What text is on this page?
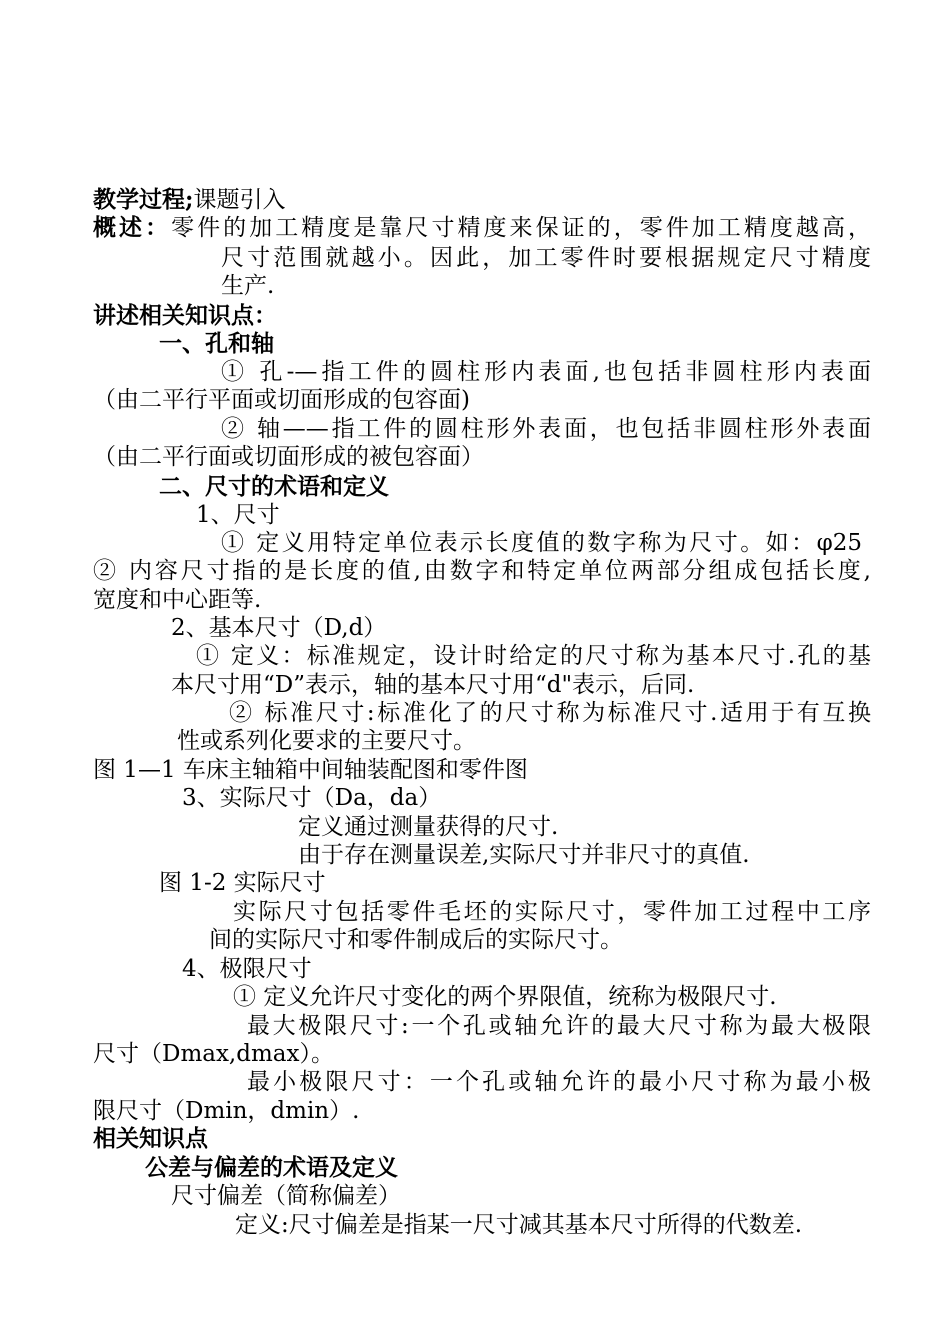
教学过程;课题引入
概述：零件的加工精度是靠尺寸精度来保证的，零件加工精度越高，
尺寸范围就越小。因此，加工零件时要根据规定尺寸精度
生产.
讲述相关知识点：
一、孔和轴
① 孔-—指工件的圆柱形内表面,也包括非圆柱形内表面
（由二平行平面或切面形成的包容面)
② 轴——指工件的圆柱形外表面，也包括非圆柱形外表面
（由二平行面或切面形成的被包容面）
二、尺寸的术语和定义
1、尺寸
① 定义用特定单位表示长度值的数字称为尺寸。如：φ25
② 内容尺寸指的是长度的值,由数字和特定单位两部分组成包括长度,
宽度和中心距等.
2、基本尺寸（D,d）
① 定义：标准规定，设计时给定的尺寸称为基本尺寸.孔的基
本尺寸用“D”表示，轴的基本尺寸用“d"表示，后同.
② 标准尺寸:标准化了的尺寸称为标准尺寸.适用于有互换
性或系列化要求的主要尺寸。
图 1—1 车床主轴箱中间轴装配图和零件图
3、实际尺寸（Da，da）
定义通过测量获得的尺寸.
由于存在测量误差,实际尺寸并非尺寸的真值.
图 1-2 实际尺寸
实际尺寸包括零件毛坯的实际尺寸，零件加工过程中工序
间的实际尺寸和零件制成后的实际尺寸。
4、极限尺寸
① 定义允许尺寸变化的两个界限值，统称为极限尺寸.
最大极限尺寸:一个孔或轴允许的最大尺寸称为最大极限
尺寸（Dmax,dmax）。
最小极限尺寸：一个孔或轴允许的最小尺寸称为最小极
限尺寸（Dmin，dmin）.
相关知识点
公差与偏差的术语及定义
尺寸偏差（简称偏差）
定义:尺寸偏差是指某一尺寸减其基本尺寸所得的代数差.
